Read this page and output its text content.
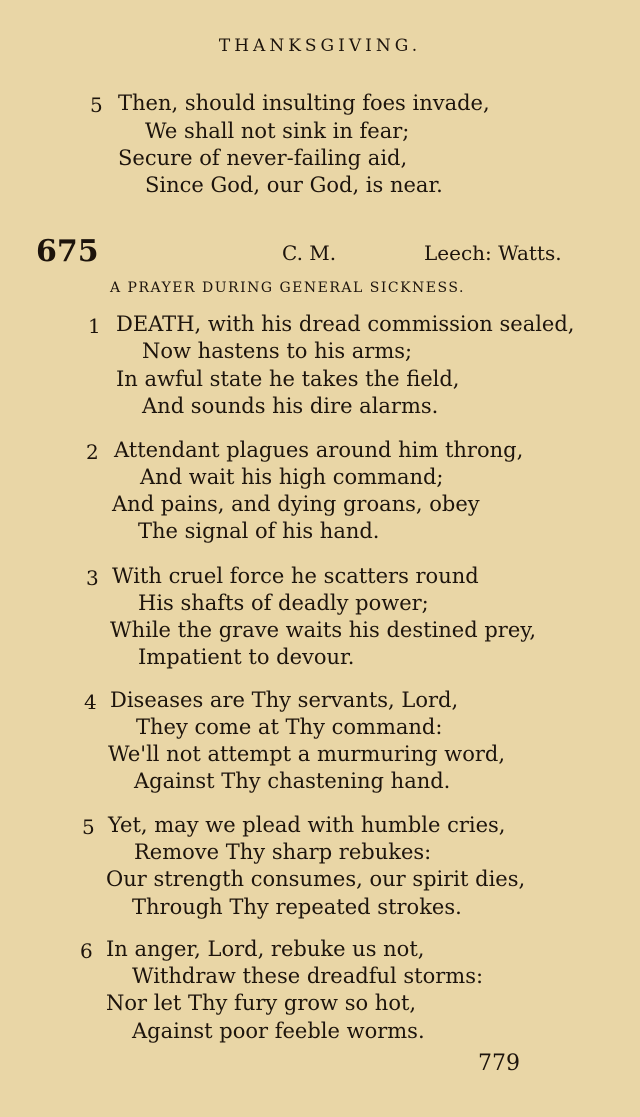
THANKSGIVING.
5 Then, should insulting foes invade,
We shall not sink in fear;
Secure of never-failing aid,
Since God, our God, is near.
675	C. M.	Leech: Watts.
A PRAYER DURING GENERAL SICKNESS.
1 DEATH, with his dread commission sealed,
Now hastens to his arms;
In awful state he takes the field,
And sounds his dire alarms.
2 Attendant plagues around him throng,
And wait his high command;
And pains, and dying groans, obey
The signal of his hand.
3 With cruel force he scatters round
His shafts of deadly power;
While the grave waits his destined prey,
Impatient to devour.
4 Diseases are Thy servants, Lord,
They come at Thy command:
We'll not attempt a murmuring word,
Against Thy chastening hand.
5 Yet, may we plead with humble cries,
Remove Thy sharp rebukes:
Our strength consumes, our spirit dies,
Through Thy repeated strokes.
6 In anger, Lord, rebuke us not,
Withdraw these dreadful storms:
Nor let Thy fury grow so hot,
Against poor feeble worms.
779
